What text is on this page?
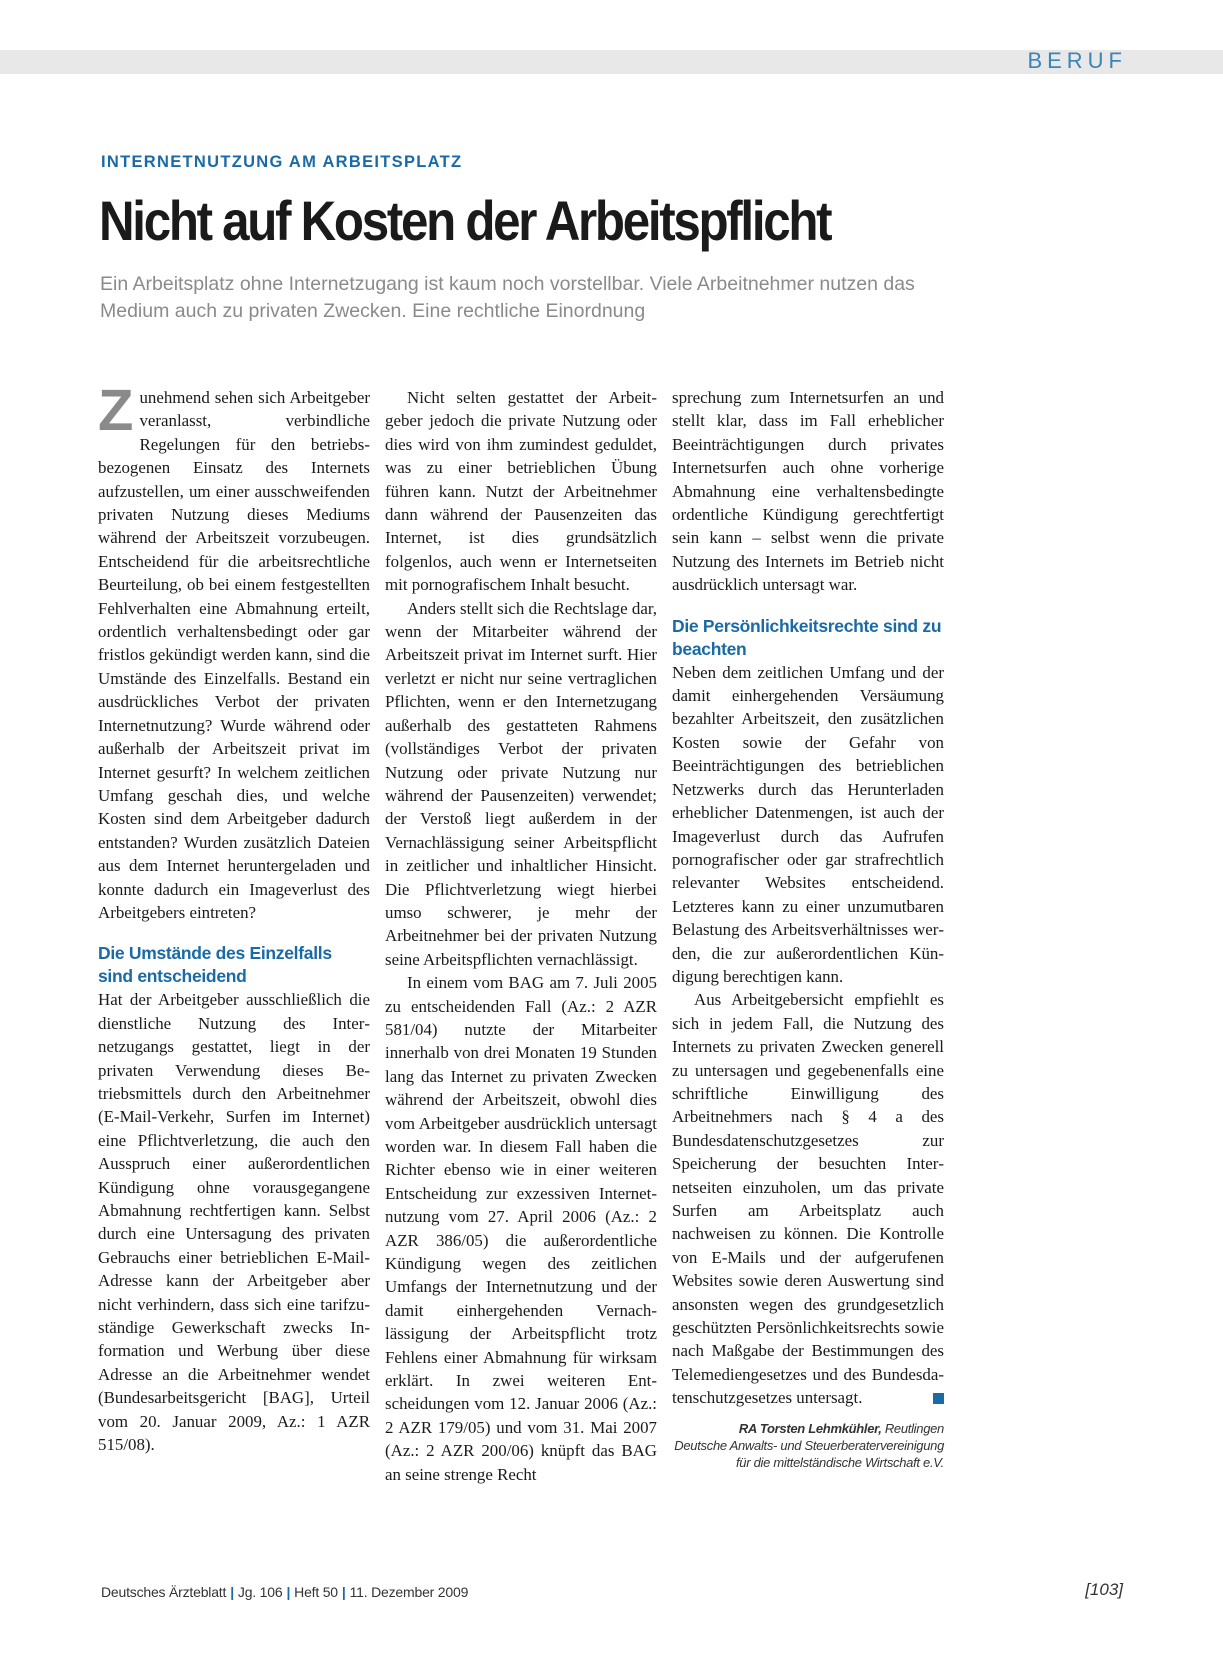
BERUF
INTERNETNUTZUNG AM ARBEITSPLATZ
Nicht auf Kosten der Arbeitspflicht
Ein Arbeitsplatz ohne Internetzugang ist kaum noch vorstellbar. Viele Arbeitnehmer nutzen das Medium auch zu privaten Zwecken. Eine rechtliche Einordnung

Zunehmend sehen sich Arbeitgeber veranlasst, verbindliche Regelungen für den betriebsbezogenen Einsatz des Internets aufzustellen, um einer ausschweifenden privaten Nutzung dieses Mediums während der Arbeitszeit vorzubeugen. Entscheidend für die arbeitsrechtliche Beurteilung, ob bei einem festgestellten Fehlverhalten eine Abmahnung erteilt, ordentlich verhaltensbedingt oder gar fristlos gekündigt werden kann, sind die Umstände des Einzelfalls. Bestand ein ausdrückliches Verbot der privaten Internetnutzung? Wurde während oder außerhalb der Arbeitszeit privat im Internet gesurft? In welchem zeitlichen Umfang geschah dies, und welche Kosten sind dem Arbeitgeber dadurch entstanden? Wurden zusätzlich Dateien aus dem Internet heruntergeladen und konnte dadurch ein Imageverlust des Arbeitgebers eintreten?

Die Umstände des Einzelfalls sind entscheidend

Hat der Arbeitgeber ausschließlich die dienstliche Nutzung des Internetzugangs gestattet, liegt in der privaten Verwendung dieses Betriebsmittels durch den Arbeitnehmer (E-Mail-Verkehr, Surfen im Internet) eine Pflichtverletzung, die auch den Ausspruch einer außerordentlichen Kündigung ohne vorausgegangene Abmahnung rechtfertigen kann. Selbst durch eine Untersagung des privaten Gebrauchs einer betrieblichen E-Mail-Adresse kann der Arbeitgeber aber nicht verhindern, dass sich eine tarifzuständige Gewerkschaft zwecks Information und Werbung über diese Adresse an die Arbeitnehmer wendet (Bundesarbeitsgericht [BAG], Urteil vom 20. Januar 2009, Az.: 1 AZR 515/08).

Nicht selten gestattet der Arbeitgeber jedoch die private Nutzung oder dies wird von ihm zumindest geduldet, was zu einer betrieblichen Übung führen kann. Nutzt der Arbeitnehmer dann während der Pausenzeiten das Internet, ist dies grundsätzlich folgenlos, auch wenn er Internetseiten mit pornografischem Inhalt besucht.

Anders stellt sich die Rechtslage dar, wenn der Mitarbeiter während der Arbeitszeit privat im Internet surft. Hier verletzt er nicht nur seine vertraglichen Pflichten, wenn er den Internetzugang außerhalb des gestatteten Rahmens (vollständiges Verbot der privaten Nutzung oder private Nutzung nur während der Pausenzeiten) verwendet; der Verstoß liegt außerdem in der Vernachlässigung seiner Arbeitspflicht in zeitlicher und inhaltlicher Hinsicht. Die Pflichtverletzung wiegt hierbei umso schwerer, je mehr der Arbeitnehmer bei der privaten Nutzung seine Arbeitspflichten vernachlässigt.

In einem vom BAG am 7. Juli 2005 zu entscheidenden Fall (Az.: 2 AZR 581/04) nutzte der Mitarbeiter innerhalb von drei Monaten 19 Stunden lang das Internet zu privaten Zwecken während der Arbeitszeit, obwohl dies vom Arbeitgeber ausdrücklich untersagt worden war. In diesem Fall haben die Richter ebenso wie in einer weiteren Entscheidung zur exzessiven Internetnutzung vom 27. April 2006 (Az.: 2 AZR 386/05) die außerordentliche Kündigung wegen des zeitlichen Umfangs der Internetnutzung und der damit einhergehenden Vernachlässigung der Arbeitspflicht trotz Fehlens einer Abmahnung für wirksam erklärt. In zwei weiteren Entscheidungen vom 12. Januar 2006 (Az.: 2 AZR 179/05) und vom 31. Mai 2007 (Az.: 2 AZR 200/06) knüpft das BAG an seine strenge Recht

sprechung zum Internetsurfen an und stellt klar, dass im Fall erheblicher Beeinträchtigungen durch privates Internetsurfen auch ohne vorherige Abmahnung eine verhaltensbedingte ordentliche Kündigung gerechtfertigt sein kann – selbst wenn die private Nutzung des Internets im Betrieb nicht ausdrücklich untersagt war.

Die Persönlichkeitsrechte sind zu beachten

Neben dem zeitlichen Umfang und der damit einhergehenden Versäumung bezahlter Arbeitszeit, den zusätzlichen Kosten sowie der Gefahr von Beeinträchtigungen des betrieblichen Netzwerks durch das Herunterladen erheblicher Datenmengen, ist auch der Imageverlust durch das Aufrufen pornografischer oder gar strafrechtlich relevanter Websites entscheidend. Letzteres kann zu einer unzumutbaren Belastung des Arbeitsverhältnisses werden, die zur außerordentlichen Kündigung berechtigen kann.

Aus Arbeitgebersicht empfiehlt es sich in jedem Fall, die Nutzung des Internets zu privaten Zwecken generell zu untersagen und gegebenenfalls eine schriftliche Einwilligung des Arbeitnehmers nach § 4 a des Bundesdatenschutzgesetzes zur Speicherung der besuchten Internetseiten einzuholen, um das private Surfen am Arbeitsplatz auch nachweisen zu können. Die Kontrolle von E-Mails und der aufgerufenen Websites sowie deren Auswertung sind ansonsten wegen des grundgesetzlich geschützten Persönlichkeitsrechts sowie nach Maßgabe der Bestimmungen des Telemediengesetzes und des Bundesdatenschutzgesetzes untersagt.

RA Torsten Lehmkühler, Reutlingen
Deutsche Anwalts- und Steuerberatervereinigung
für die mittelständische Wirtschaft e.V.
Deutsches Ärzteblatt | Jg. 106 | Heft 50 | 11. Dezember 2009	[103]
